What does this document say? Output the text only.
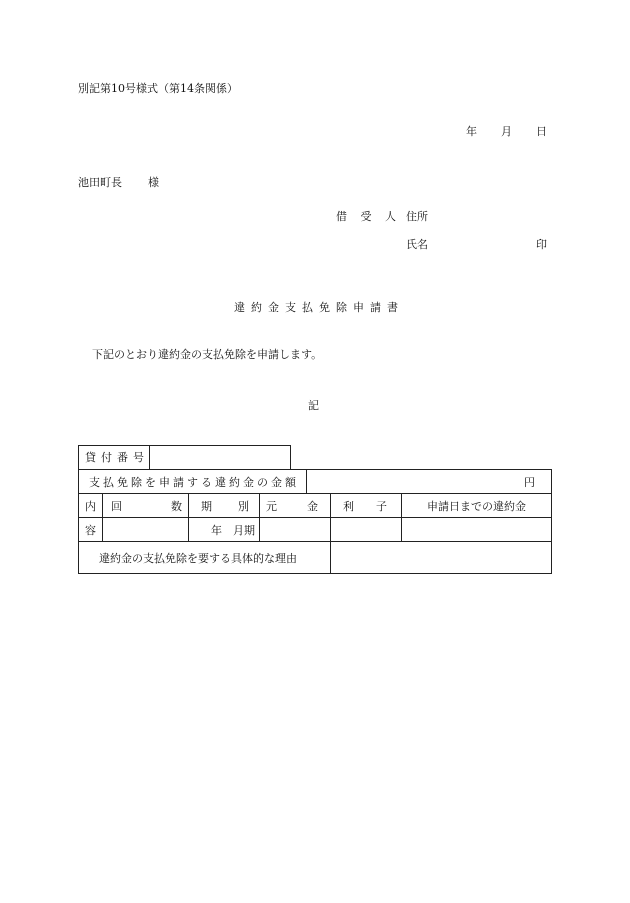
別記第10号様式（第14条関係）
年 月 日
池田町長 様
借 受 人 住所
氏名	印
違約金支払免除申請書
下記のとおり違約金の支払免除を申請します。
記
貸付番号
支払免除を申請する違約金の金額				円		
内	回 数	期 別	元 金		利 子	申請日までの違約金
容		年　 月期				
違約金の支払免除を要する具体的な理由						
